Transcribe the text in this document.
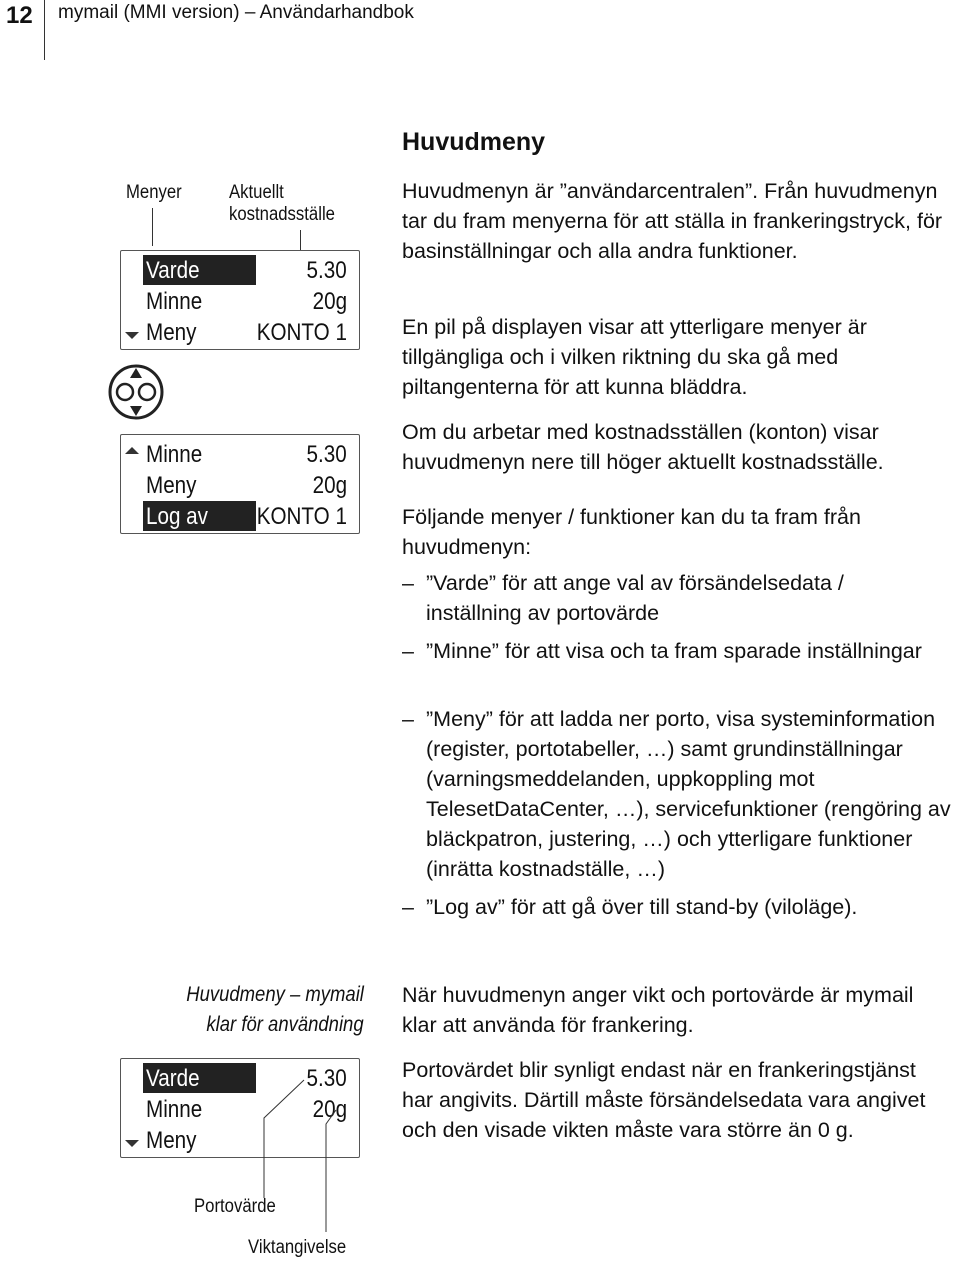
12 mymail (MMI version) – Användarhandbok
Huvudmeny
Huvudmenyn är ”användarcentralen”. Från huvudmenyn tar du fram menyerna för att ställa in frankeringstryck, för basinställningar och alla andra funktioner.
En pil på displayen visar att ytterligare menyer är tillgängliga och i vilken riktning du ska gå med piltangenterna för att kunna bläddra.
Om du arbetar med kostnadsställen (konton) visar huvudmenyn nere till höger aktuellt kostnadsställe.
Följande menyer / funktioner kan du ta fram från huvudmenyn:
– ”Varde” för att ange val av försändelsedata / inställning av portovärde
– ”Minne” för att visa och ta fram sparade inställningar
– ”Meny” för att ladda ner porto, visa systeminformation (register, portotabeller, …) samt grundinställningar (varningsmeddelanden, uppkoppling mot TelesetDataCenter, …), servicefunktioner (rengöring av bläckpatron, justering, …) och ytterligare funktioner (inrätta kostnadställe, …)
– ”Log av” för att gå över till stand-by (viloläge).
Menyer Aktuellt
kostnadsställe
Varde	5.30
Minne	20g
Meny	KONTO 1
Minne	5.30
Meny	20g
Log av	KONTO 1
Huvudmeny – mymail
klar för användning
När huvudmenyn anger vikt och portovärde är mymail klar att använda för frankering.
Portovärdet blir synligt endast när en frankeringstjänst har angivits. Därtill måste försändelsedata vara angivet och den visade vikten måste vara större än 0 g.
Varde	5.30
Minne	20g
Meny
Portovärde
Viktangivelse
